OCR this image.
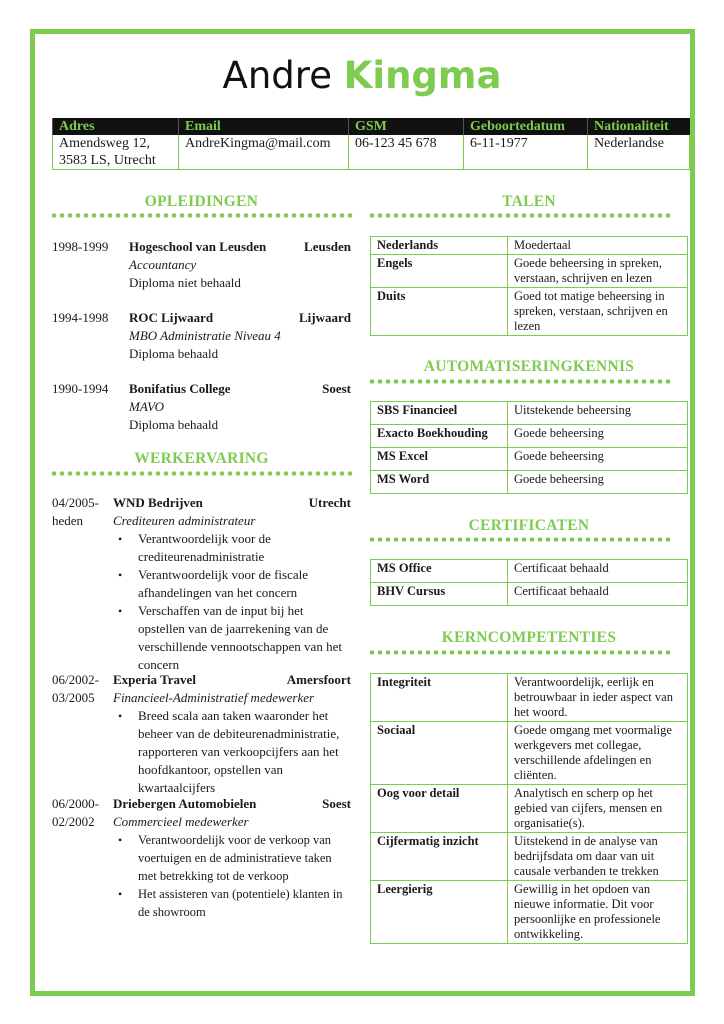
Andre Kingma
Adres	Email	GSM	Geboortedatum	Nationaliteit

Amendsweg 12,
3583 LS, Utrecht	AndreKingma@mail.com	06-123 45 678	6-11-1977	Nederlandse
OPLEIDINGEN
1998-1999	Hogeschool van Leusden	Leusden
Accountancy
Diploma niet behaald
1994-1998	ROC Lijwaard	Lijwaard
MBO Administratie Niveau 4
Diploma behaald
1990-1994	Bonifatius College	Soest
MAVO
Diploma behaald
WERKERVARING
04/2005-
heden
WND Bedrijven	Utrecht
Crediteuren administrateur
• Verantwoordelijk voor de crediteurenadministratie
• Verantwoordelijk voor de fiscale afhandelingen van het concern
• Verschaffen van de input bij het opstellen van de jaarrekening van de verschillende vennootschappen van het concern
06/2002-
03/2005
Experia Travel	Amersfoort
Financieel-Administratief medewerker
• Breed scala aan taken waaronder het beheer van de debiteurenadministratie, rapporteren van verkoopcijfers aan het hoofdkantoor, opstellen van kwartaalcijfers
06/2000-
02/2002
Driebergen Automobielen	Soest
Commercieel medewerker
• Verantwoordelijk voor de verkoop van voertuigen en de administratieve taken met betrekking tot de verkoop
• Het assisteren van (potentiele) klanten in de showroom
TALEN
Nederlands	Moedertaal
Engels	Goede beheersing in spreken, verstaan, schrijven en lezen
Duits	Goed tot matige beheersing in spreken, verstaan, schrijven en lezen
AUTOMATISERINGKENNIS
SBS Financieel	Uitstekende beheersing
Exacto Boekhouding	Goede beheersing
MS Excel	Goede beheersing
MS Word	Goede beheersing
CERTIFICATEN
MS Office	Certificaat behaald
BHV Cursus	Certificaat behaald
KERNCOMPETENTIES
Integriteit	Verantwoordelijk, eerlijk en betrouwbaar in ieder aspect van het woord.
Sociaal	Goede omgang met voormalige werkgevers met collegae, verschillende afdelingen en cliënten.
Oog voor detail	Analytisch en scherp op het gebied van cijfers, mensen en organisatie(s).
Cijfermatig inzicht	Uitstekend in de analyse van bedrijfsdata om daar van uit causale verbanden te trekken
Leergierig	Gewillig in het opdoen van nieuwe informatie. Dit voor persoonlijke en professionele ontwikkeling.
